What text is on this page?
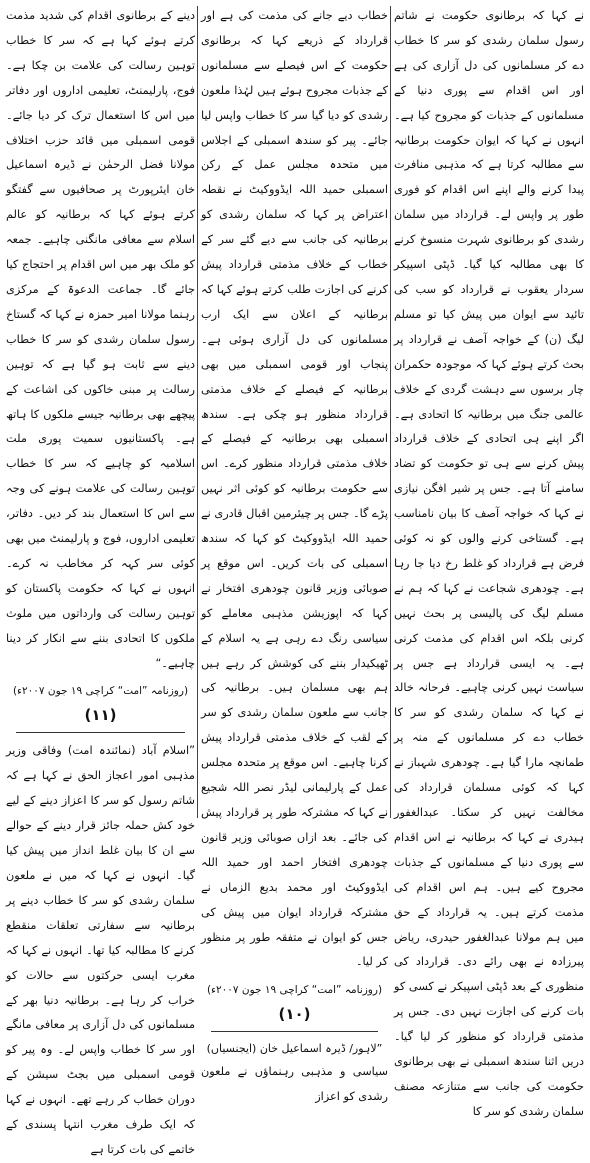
نے کہا کہ برطانوی حکومت نے شاتم رسول سلمان رشدی کو سر کا خطاب دے کر مسلمانوں کی دل آزاری کی ہے اور اس اقدام سے پوری دنیا کے مسلمانوں کے جذبات کو مجروح کیا ہے۔ انہوں نے کہا کہ ایوان حکومت برطانیہ سے مطالبہ کرتا ہے کہ مذہبی منافرت پیدا کرنے والے اپنے اس اقدام کو فوری طور پر واپس لے۔ قرارداد میں سلمان رشدی کو برطانوی شہرت منسوخ کرنے کا بھی مطالبہ کیا گیا۔ ڈپٹی اسپیکر سردار یعقوب نے قرارداد کو سب کی تائید سے ایوان میں پیش کیا تو مسلم لیگ (ن) کے خواجہ آصف نے قرارداد پر بحث کرتے ہوئے کہا کہ موجودہ حکمران چار برسوں سے دہشت گردی کے خلاف عالمی جنگ میں برطانیہ کا اتحادی ہے۔ اگر اپنے ہی اتحادی کے خلاف قرارداد پیش کرنے سے ہی تو حکومت کو تضاد سامنے آتا ہے۔ جس پر شیر افگن نیازی نے کہا کہ خواجہ آصف کا بیان نامناسب ہے۔ گستاخی کرنے والوں کو نہ کوئی فرض ہے قرارداد کو غلط رخ دیا جا رہا ہے۔ چودھری شجاعت نے کہا کہ ہم نے مسلم لیگ کی پالیسی پر بحث نہیں کرنی بلکہ اس اقدام کی مذمت کرنی ہے۔ یہ ایسی قرارداد ہے جس پر سیاست نہیں کرنی چاہیے۔ فرحانہ خالد نے کہا کہ سلمان رشدی کو سر کا خطاب دے کر مسلمانوں کے منہ پر طمانچہ مارا گیا ہے۔ چودھری شہباز نے کہا کہ کوئی مسلمان قرارداد کی مخالفت نہیں کر سکتا۔ عبدالغفور ہیدری نے کہا کہ برطانیہ نے اس اقدام سے پوری دنیا کے مسلمانوں کے جذبات مجروح کیے ہیں۔ ہم اس اقدام کی مذمت کرتے ہیں۔ یہ قرارداد کے حق میں ہم مولانا عبدالغفور حیدری، ریاض پیرزادہ نے بھی رائے دی۔ قرارداد کی منظوری کے بعد ڈپٹی اسپیکر نے کسی کو بات کرنے کی اجازت نہیں دی۔ جس پر مذمتی قرارداد کو منظور کر لیا گیا۔ دریں اثنا سندھ اسمبلی نے بھی برطانوی حکومت کی جانب سے متنازعہ مصنف سلمان رشدی کو سر کا

خطاب دیے جانے کی مذمت کی ہے اور قرارداد کے ذریعے کہا کہ برطانوی حکومت کے اس فیصلے سے مسلمانوں کے جذبات مجروح ہوئے ہیں لہٰذا ملعون رشدی کو دیا گیا سر کا خطاب واپس لیا جائے۔ پیر کو سندھ اسمبلی کے اجلاس میں متحدہ مجلس عمل کے رکن اسمبلی حمید اللہ ایڈووکیٹ نے نقطہ اعتراض پر کہا کہ سلمان رشدی کو برطانیہ کی جانب سے دیے گئے سر کے خطاب کے خلاف مذمتی قرارداد پیش کرنے کی اجازت طلب کرتے ہوئے کہا کہ برطانیہ کے اعلان سے ایک ارب مسلمانوں کی دل آزاری ہوئی ہے۔ پنجاب اور قومی اسمبلی میں بھی برطانیہ کے فیصلے کے خلاف مذمتی قرارداد منظور ہو چکی ہے۔ سندھ اسمبلی بھی برطانیہ کے فیصلے کے خلاف مذمتی قرارداد منظور کرے۔ اس سے حکومت برطانیہ کو کوئی اثر نہیں پڑے گا۔ جس پر چیئرمین اقبال قادری نے حمید اللہ ایڈووکیٹ کو کہا کہ سندھ اسمبلی کی بات کریں۔ اس موقع پر صوبائی وزیر قانون چودھری افتخار نے کہا کہ اپوزیشن مذہبی معاملے کو سیاسی رنگ دے رہی ہے یہ اسلام کے ٹھیکیدار بننے کی کوشش کر رہے ہیں ہم بھی مسلمان ہیں۔ برطانیہ کی جانب سے ملعون سلمان رشدی کو سر کے لقب کے خلاف مذمتی قرارداد پیش کرنا چاہیے۔ اس موقع پر متحدہ مجلس عمل کے پارلیمانی لیڈر نصر اللہ شجیع نے کہا کہ مشترکہ طور پر قرارداد پیش کی جائے۔ بعد ازاں صوبائی وزیر قانون چودھری افتخار احمد اور حمید اللہ ایڈووکیٹ اور محمد بدیع الزماں نے مشترکہ قرارداد ایوان میں پیش کی جس کو ایوان نے متفقہ طور پر منظور کر لیا۔

(روزنامہ ”امت“ کراچی ۱۹ جون ۲۰۰۷ء)
(۱۰)
”لاہور/ ڈیرہ اسماعیل خان (ایجنسیاں)

سیاسی و مذہبی رہنماؤں نے ملعون رشدی کو اعزاز

دینے کے برطانوی اقدام کی شدید مذمت کرتے ہوئے کہا ہے کہ سر کا خطاب توہین رسالت کی علامت بن چکا ہے۔ فوج، پارلیمنٹ، تعلیمی اداروں اور دفاتر میں اس کا استعمال ترک کر دیا جائے۔ قومی اسمبلی میں قائد حزب اختلاف مولانا فضل الرحمٰن نے ڈیرہ اسماعیل خان ایئرپورٹ پر صحافیوں سے گفتگو کرتے ہوئے کہا کہ برطانیہ کو عالم اسلام سے معافی مانگنی چاہیے۔ جمعہ کو ملک بھر میں اس اقدام پر احتجاج کیا جائے گا۔ جماعت الدعوۃ کے مرکزی رہنما مولانا امیر حمزہ نے کہا کہ گستاخ رسول سلمان رشدی کو سر کا خطاب دینے سے ثابت ہو گیا ہے کہ توہین رسالت پر مبنی خاکوں کی اشاعت کے پیچھے بھی برطانیہ جیسے ملکوں کا ہاتھ ہے۔ پاکستانیوں سمیت پوری ملت اسلامیہ کو چاہیے کہ سر کا خطاب توہین رسالت کی علامت ہونے کی وجہ سے اس کا استعمال بند کر دیں۔ دفاتر، تعلیمی اداروں، فوج و پارلیمنٹ میں بھی کوئی سر کہہ کر مخاطب نہ کرے۔ انہوں نے کہا کہ حکومت پاکستان کو توہین رسالت کی وارداتوں میں ملوث ملکوں کا اتحادی بننے سے انکار کر دینا چاہیے۔“

(روزنامہ ”امت“ کراچی ۱۹ جون ۲۰۰۷ء)
(۱۱)

”اسلام آباد (نمائندہ امت) وفاقی وزیر مذہبی امور اعجاز الحق نے کہا ہے کہ شاتم رسول کو سر کا اعزاز دینے کے لیے خود کش حملہ جائز قرار دینے کے حوالے سے ان کا بیان غلط انداز میں پیش کیا گیا۔ انہوں نے کہا کہ میں نے ملعون سلمان رشدی کو سر کا خطاب دینے پر برطانیہ سے سفارتی تعلقات منقطع کرنے کا مطالبہ کیا تھا۔ انہوں نے کہا کہ مغرب ایسی حرکتوں سے حالات کو خراب کر رہا ہے۔ برطانیہ دنیا بھر کے مسلمانوں کی دل آزاری پر معافی مانگے اور سر کا خطاب واپس لے۔ وہ پیر کو قومی اسمبلی میں بجٹ سیشن کے دوران خطاب کر رہے تھے۔ انہوں نے کہا کہ ایک طرف مغرب انتہا پسندی کے خاتمے کی بات کرتا ہے
